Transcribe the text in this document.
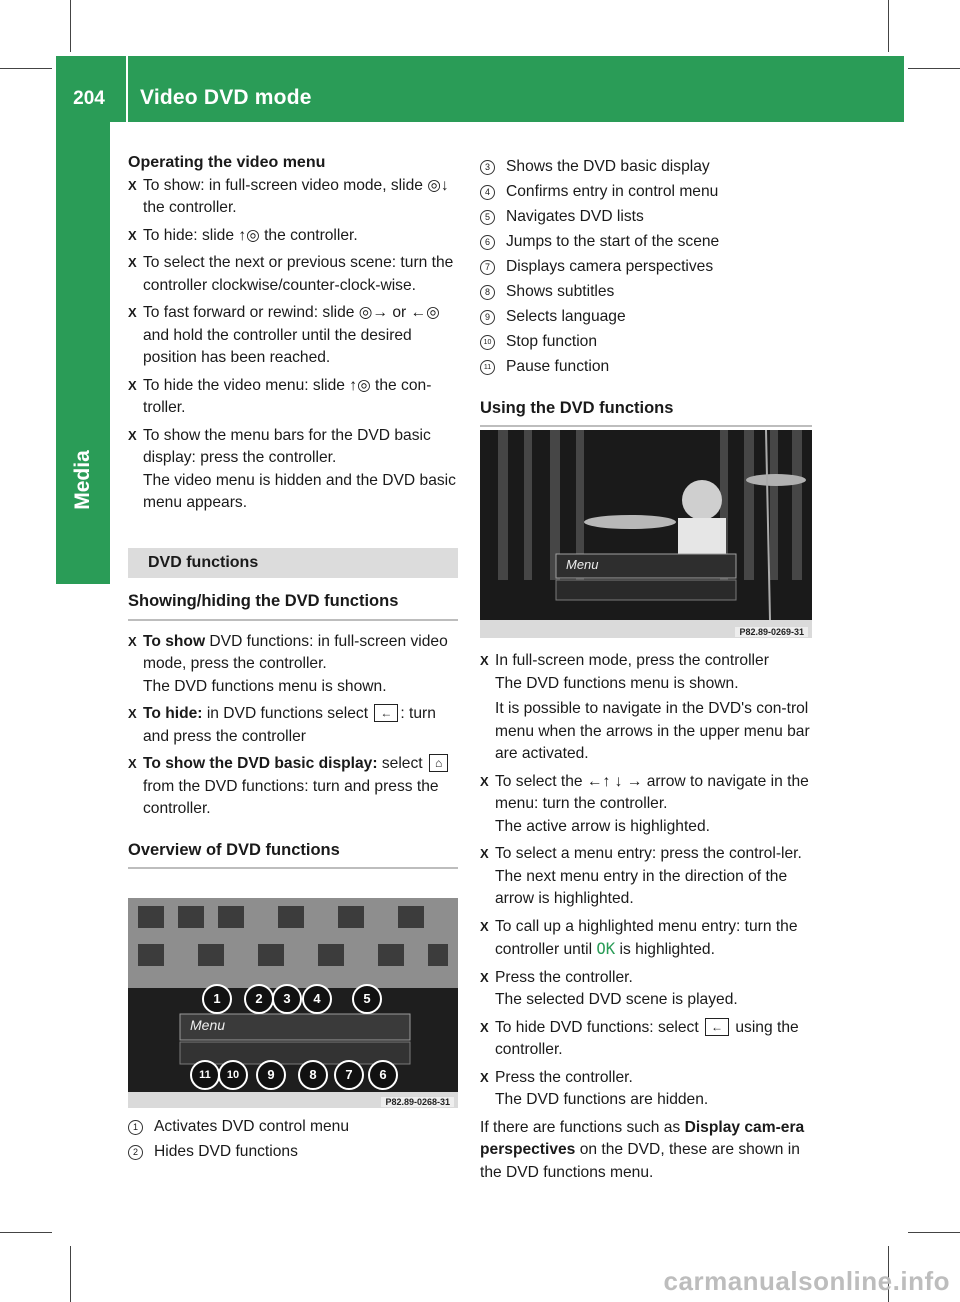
204	Video DVD mode
Media

Operating the video menu

X To show: in full-screen video mode, slide ◎↓ the controller.
X To hide: slide ↑◎ the controller.
X To select the next or previous scene: turn the controller clockwise/counter-clock-wise.
X To fast forward or rewind: slide ◎→ or ←◎ and hold the controller until the desired position has been reached.
X To hide the video menu: slide ↑◎ the con-troller.
X To show the menu bars for the DVD basic display: press the controller.
The video menu is hidden and the DVD basic menu appears.
DVD functions
Showing/hiding the DVD functions
X To show DVD functions: in full-screen video mode, press the controller.
The DVD functions menu is shown.
X To hide: in DVD functions select ← : turn and press the controller
X To show the DVD basic display: select ⌂ from the DVD functions: turn and press the controller.
Overview of DVD functions
Menu
1	2	3	4	5
11	10	9	8	7	6
P82.89-0268-31
1	Activates DVD control menu
2	Hides DVD functions
3	Shows the DVD basic display
4	Confirms entry in control menu
5	Navigates DVD lists
6	Jumps to the start of the scene
7	Displays camera perspectives
8	Shows subtitles
9	Selects language
10 Stop function
11 Pause function
Using the DVD functions
Menu
P82.89-0269-31
X In full-screen mode, press the controller
The DVD functions menu is shown.
It is possible to navigate in the DVD's con-trol menu when the arrows in the upper menu bar are activated.
X To select the ←↑ ↓ → arrow to navigate in the menu: turn the controller.
The active arrow is highlighted.
X To select a menu entry: press the control-ler.
The next menu entry in the direction of the arrow is highlighted.
X To call up a highlighted menu entry: turn the controller until OK is highlighted.
X Press the controller.
The selected DVD scene is played.
X To hide DVD functions: select ← using the controller.
X Press the controller.
The DVD functions are hidden.

If there are functions such as Display cam-era perspectives on the DVD, these are shown in the DVD functions menu.

carmanualsonline.info
